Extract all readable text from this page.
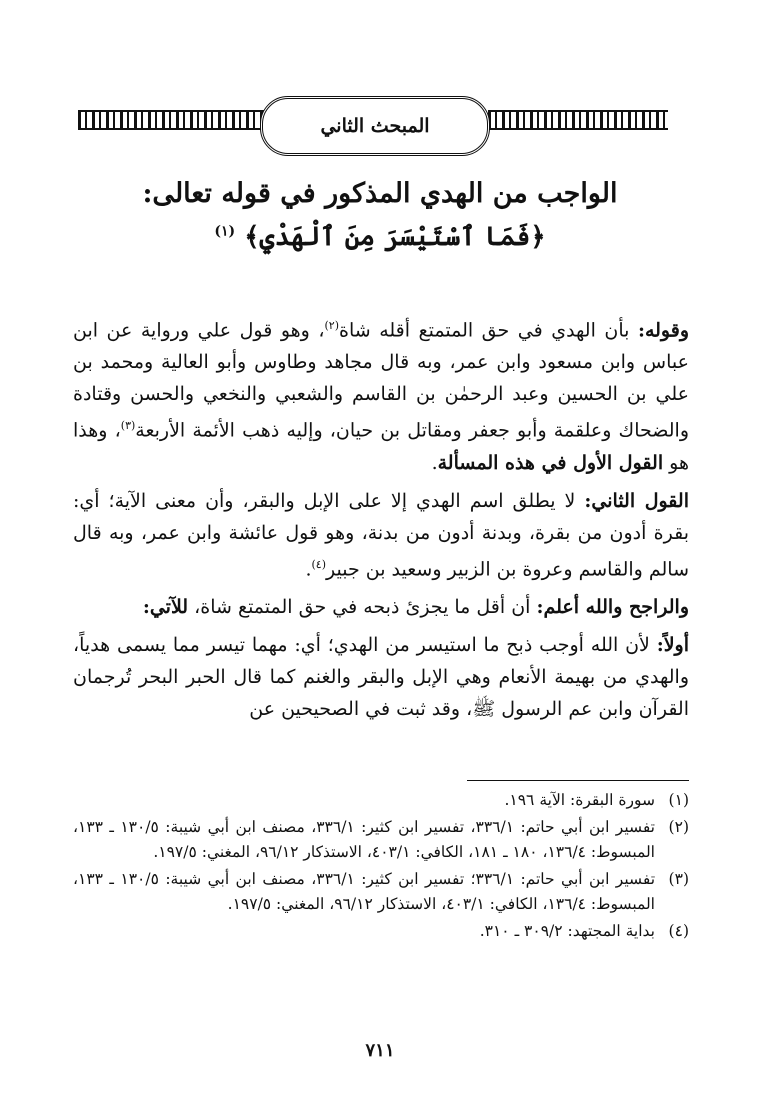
المبحث الثاني
الواجب من الهدي المذكور في قوله تعالى:
﴿فَمَا ٱسْتَيْسَرَ مِنَ ٱلْهَدْيِ﴾ $^{(١)}$

وقوله: بأن الهدي في حق المتمتع أقله شاة$^{(٢)}$، وهو قول علي ورواية عن ابن عباس وابن مسعود وابن عمر، وبه قال مجاهد وطاوس وأبو العالية ومحمد بن علي بن الحسين وعبد الرحمٰن بن القاسم والشعبي والنخعي والحسن وقتادة والضحاك وعلقمة وأبو جعفر ومقاتل بن حيان، وإليه ذهب الأئمة الأربعة$^{(٣)}$، وهذا هو القول الأول في هذه المسألة.

القول الثاني: لا يطلق اسم الهدي إلا على الإبل والبقر، وأن معنى الآية؛ أي: بقرة أدون من بقرة، وبدنة أدون من بدنة، وهو قول عائشة وابن عمر، وبه قال سالم والقاسم وعروة بن الزبير وسعيد بن جبير$^{(٤)}$.

والراجح والله أعلم: أن أقل ما يجزئ ذبحه في حق المتمتع شاة، للآتي:

أولاً: لأن الله أوجب ذبح ما استيسر من الهدي؛ أي: مهما تيسر مما يسمى هدياً، والهدي من بهيمة الأنعام وهي الإبل والبقر والغنم كما قال الحبر البحر تُرجمان القرآن وابن عم الرسول ﷺ، وقد ثبت في الصحيحين عن

(١)
سورة البقرة: الآية ١٩٦.
(٢)
تفسير ابن أبي حاتم: ٣٣٦/١، تفسير ابن كثير: ٣٣٦/١، مصنف ابن أبي شيبة: ١٣٠/٥ ـ ١٣٣، المبسوط: ١٣٦/٤، ١٨٠ ـ ١٨١، الكافي: ٤٠٣/١، الاستذكار ٩٦/١٢، المغني: ١٩٧/٥.
(٣)
تفسير ابن أبي حاتم: ٣٣٦/١؛ تفسير ابن كثير: ٣٣٦/١، مصنف ابن أبي شيبة: ١٣٠/٥ ـ ١٣٣، المبسوط: ١٣٦/٤، الكافي: ٤٠٣/١، الاستذكار ٩٦/١٢، المغني: ١٩٧/٥.
(٤)
بداية المجتهد: ٣٠٩/٢ ـ ٣١٠.
٧١١
